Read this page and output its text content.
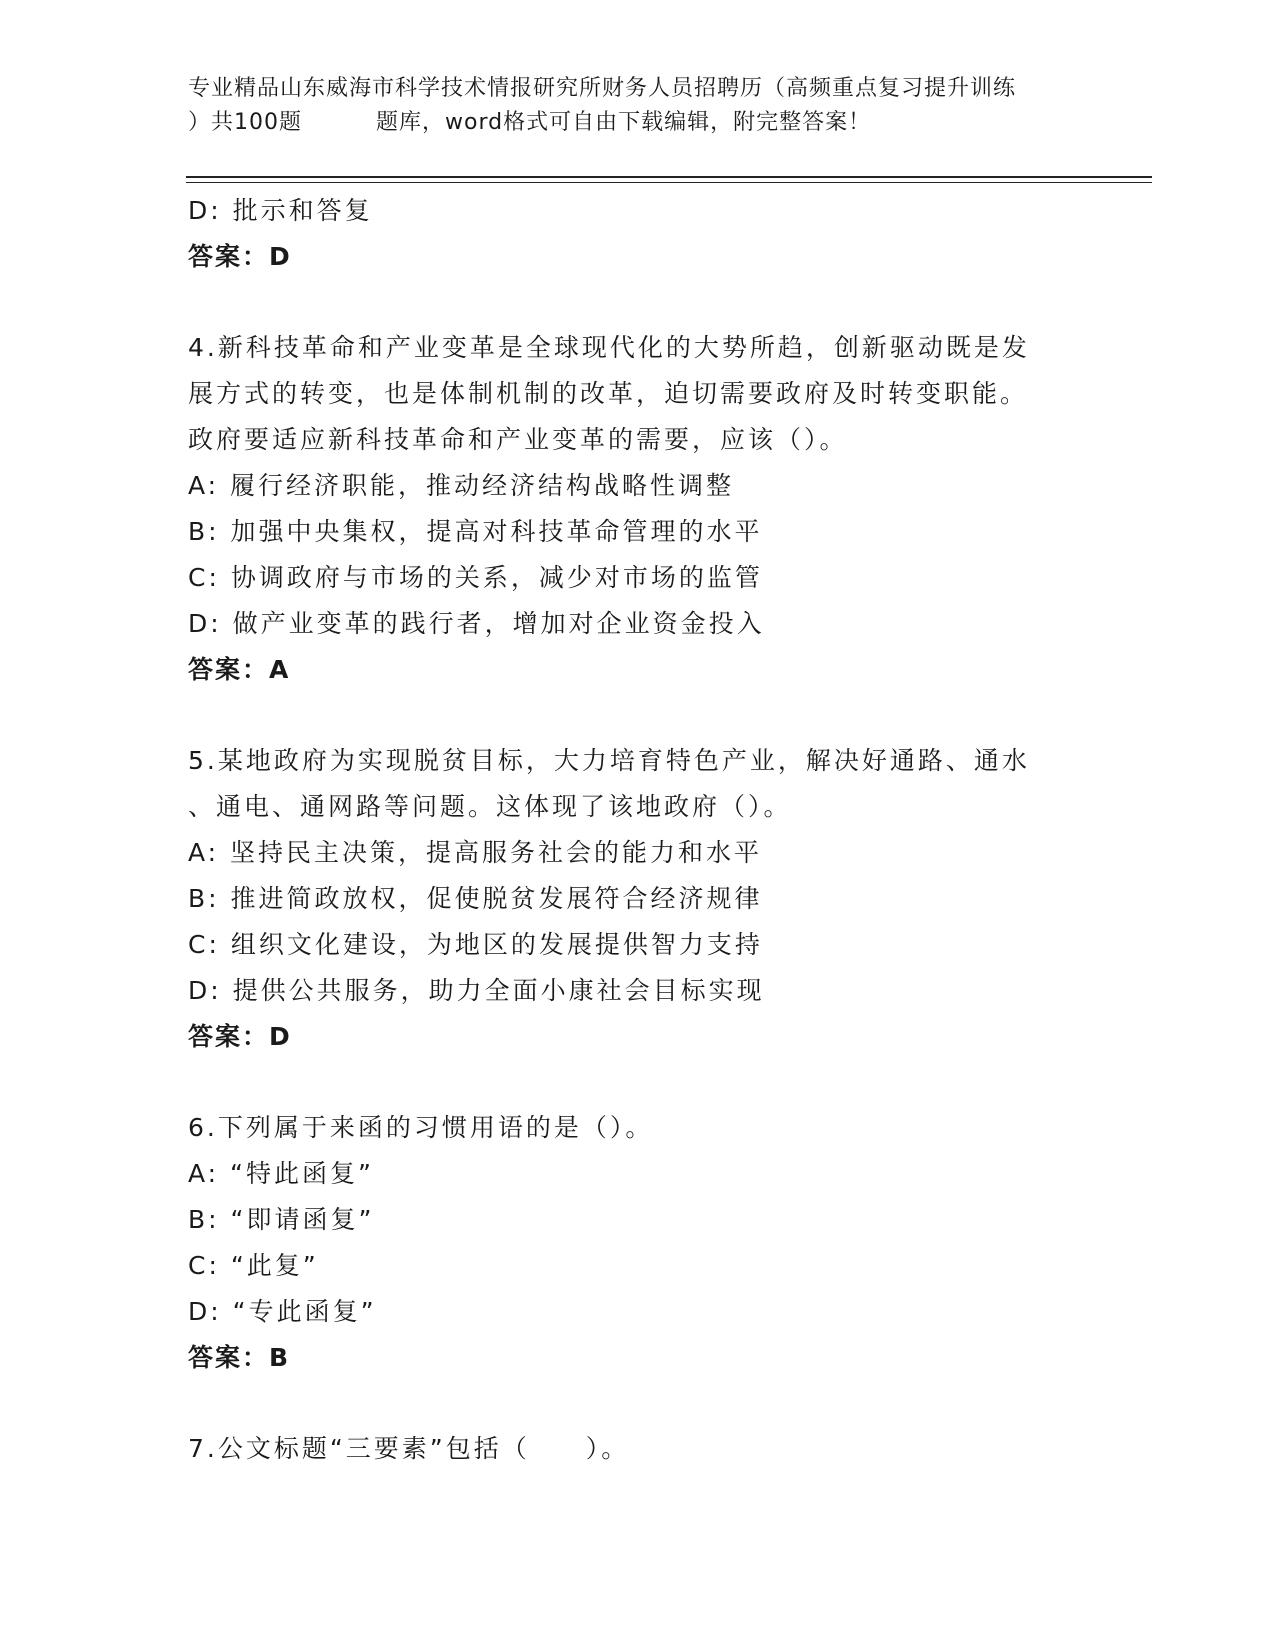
专业精品山东威海市科学技术情报研究所财务人员招聘历（高频重点复习提升训练
）共100题	题库，word格式可自由下载编辑，附完整答案！
D: 批示和答复
答案：D
4.新科技革命和产业变革是全球现代化的大势所趋，创新驱动既是发
展方式的转变，也是体制机制的改革，迫切需要政府及时转变职能。
政府要适应新科技革命和产业变革的需要，应该（）。
A: 履行经济职能，推动经济结构战略性调整
B: 加强中央集权，提高对科技革命管理的水平
C: 协调政府与市场的关系，减少对市场的监管
D: 做产业变革的践行者，增加对企业资金投入
答案：A
5.某地政府为实现脱贫目标，大力培育特色产业，解决好通路、通水
、通电、通网路等问题。这体现了该地政府（）。
A: 坚持民主决策，提高服务社会的能力和水平
B: 推进简政放权，促使脱贫发展符合经济规律
C: 组织文化建设，为地区的发展提供智力支持
D: 提供公共服务，助力全面小康社会目标实现
答案：D
6.下列属于来函的习惯用语的是（）。
A: “特此函复”
B: “即请函复”
C: “此复”
D: “专此函复”
答案：B
7.公文标题“三要素”包括（　　）。
